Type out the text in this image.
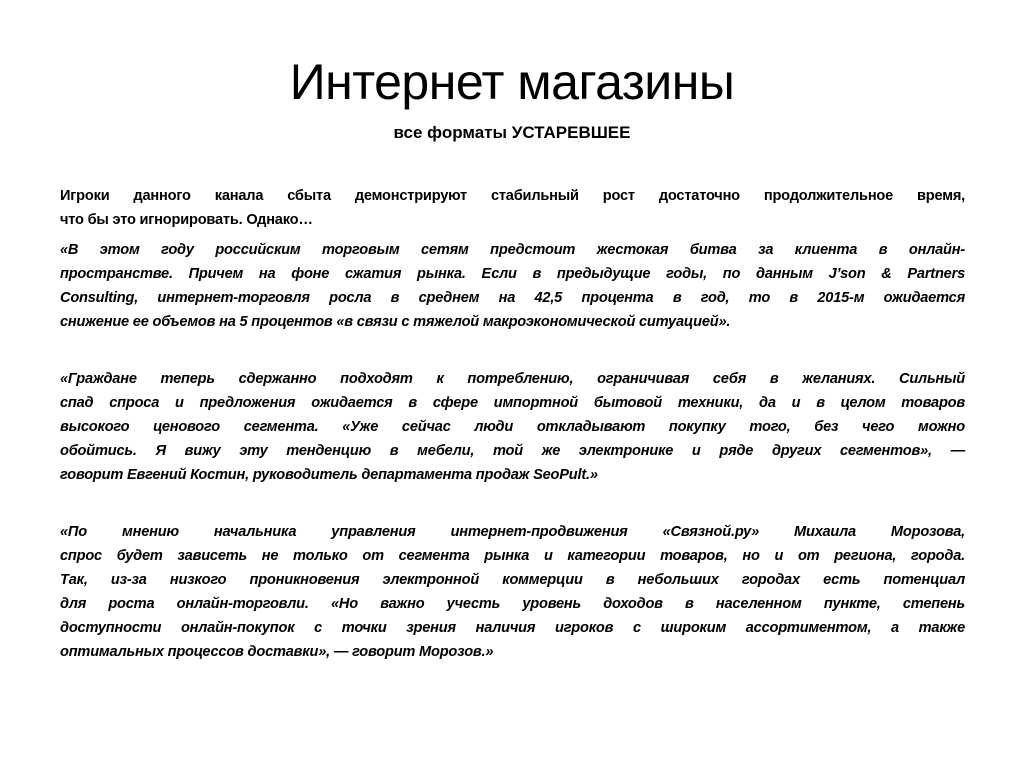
Интернет магазины
все форматы УСТАРЕВШЕЕ
Игроки данного канала сбыта демонстрируют стабильный рост достаточно продолжительное время,
что бы это игнорировать. Однако…
«В этом году российским торговым сетям предстоит жестокая битва за клиента в онлайн-
пространстве. Причем на фоне сжатия рынка. Если в предыдущие годы, по данным J’son & Partners
Consulting, интернет-торговля росла в среднем на 42,5 процента в год, то в 2015-м ожидается
снижение ее объемов на 5 процентов «в связи с тяжелой макроэкономической ситуацией».
«Граждане теперь сдержанно подходят к потреблению, ограничивая себя в желаниях. Сильный
спад спроса и предложения ожидается в сфере импортной бытовой техники, да и в целом товаров
высокого ценового сегмента. «Уже сейчас люди откладывают покупку того, без чего можно
обойтись. Я вижу эту тенденцию в мебели, той же электронике и ряде других сегментов», —
говорит Евгений Костин, руководитель департамента продаж SeoPult.»
«По мнению начальника управления интернет-продвижения «Связной.ру» Михаила Морозова,
спрос будет зависеть не только от сегмента рынка и категории товаров, но и от региона, города.
Так, из-за низкого проникновения электронной коммерции в небольших городах есть потенциал
для роста онлайн-торговли. «Но важно учесть уровень доходов в населенном пункте, степень
доступности онлайн-покупок с точки зрения наличия игроков с широким ассортиментом, а также
оптимальных процессов доставки», — говорит Морозов.»
